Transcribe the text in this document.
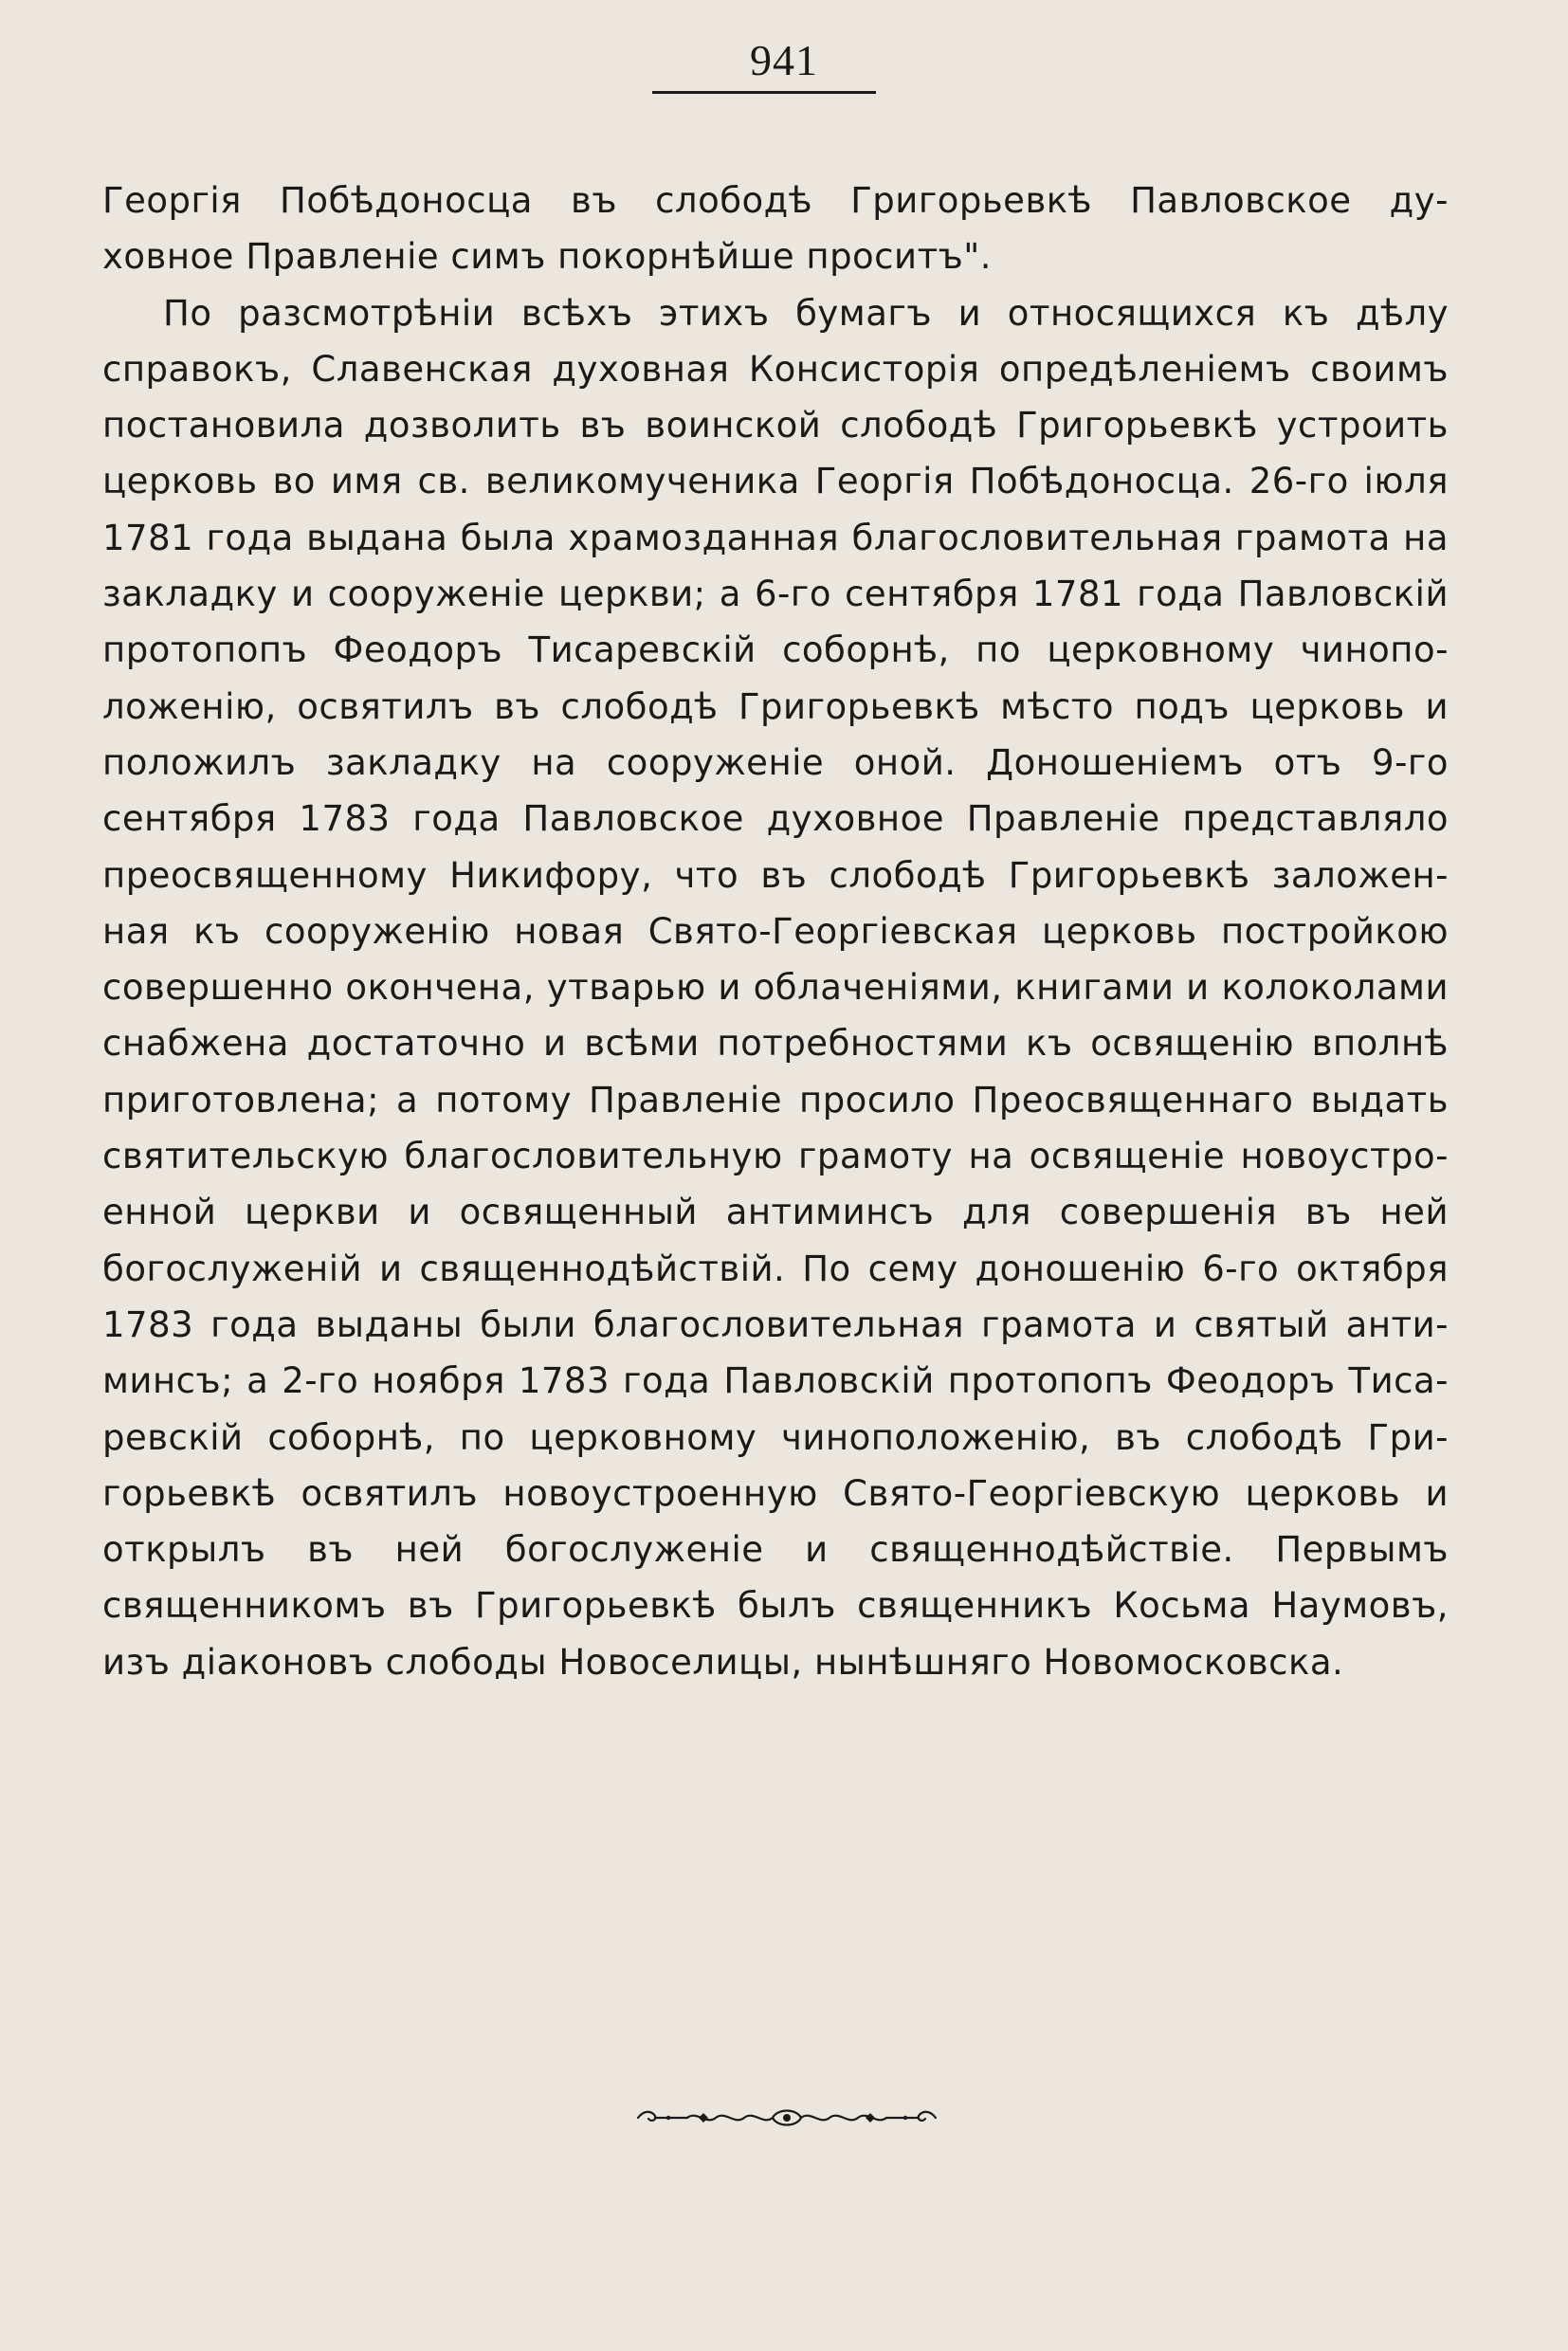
941
Георгія Побѣдоносца въ слободѣ Григорьевкѣ Павловское ду-
ховное Правленіе симъ покорнѣйше проситъ".
По разсмотрѣніи всѣхъ этихъ бумагъ и относящихся къ дѣлу
справокъ, Славенская духовная Консисторія опредѣленіемъ своимъ
постановила дозволить въ воинской слободѣ Григорьевкѣ устроить
церковь во имя св. великомученика Георгія Побѣдоносца. 26-го іюля
1781 года выдана была храмозданная благословительная грамота на
закладку и сооруженіе церкви; а 6-го сентября 1781 года Павловскій
протопопъ Феодоръ Тисаревскій соборнѣ, по церковному чинопо-
ложенію, освятилъ въ слободѣ Григорьевкѣ мѣсто подъ церковь и
положилъ закладку на сооруженіе оной. Доношеніемъ отъ 9-го
сентября 1783 года Павловское духовное Правленіе представляло
преосвященному Никифору, что въ слободѣ Григорьевкѣ заложен-
ная къ сооруженію новая Свято-Георгіевская церковь постройкою
совершенно окончена, утварью и облаченіями, книгами и колоколами
снабжена достаточно и всѣми потребностями къ освященію вполнѣ
приготовлена; а потому Правленіе просило Преосвященнаго выдать
святительскую благословительную грамоту на освященіе новоустро-
енной церкви и освященный антиминсъ для совершенія въ ней
богослуженій и священнодѣйствій. По сему доношенію 6-го октября
1783 года выданы были благословительная грамота и святый анти-
минсъ; а 2-го ноября 1783 года Павловскій протопопъ Феодоръ Тиса-
ревскій соборнѣ, по церковному чиноположенію, въ слободѣ Гри-
горьевкѣ освятилъ новоустроенную Свято-Георгіевскую церковь и
открылъ въ ней богослуженіе и священнодѣйствіе. Первымъ
священникомъ въ Григорьевкѣ былъ священникъ Косьма Наумовъ,
изъ діаконовъ слободы Новоселицы, нынѣшняго Новомосковска.
